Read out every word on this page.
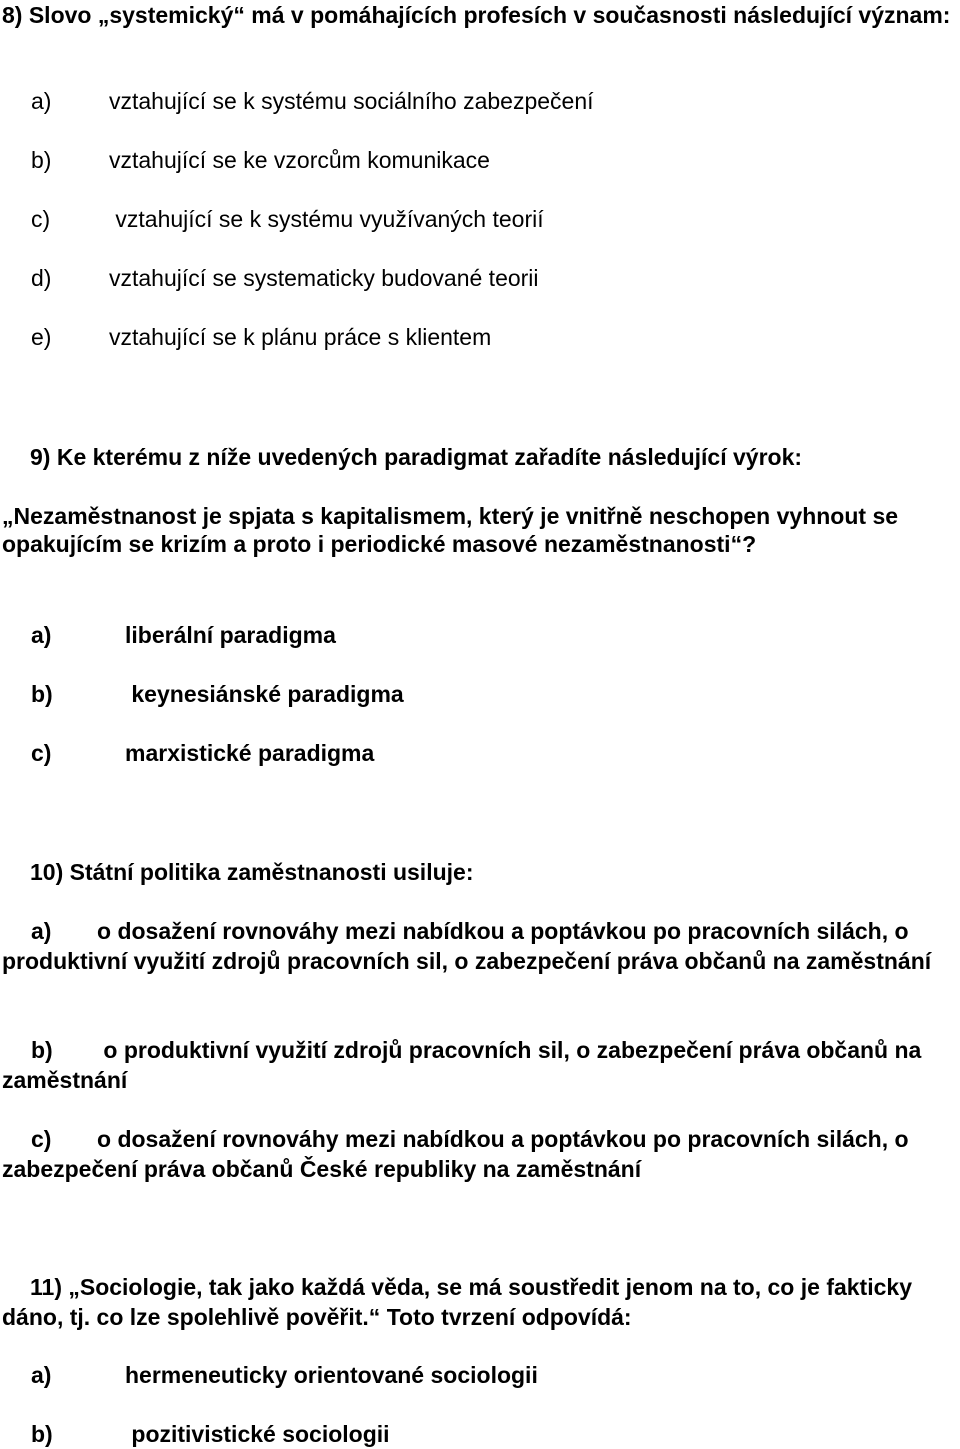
8) Slovo „systemický“ má v pomáhajících profesích v současnosti následující význam:

a)	vztahující se k systému sociálního zabezpečení

b)	vztahující se ke vzorcům komunikace

c)	vztahující se k systému využívaných teorií

d)	vztahující se systematicky budované teorii

e)	vztahující se k plánu práce s klientem

9) Ke kterému z níže uvedených paradigmat zařadíte následující výrok:

„Nezaměstnanost je spjata s kapitalismem, který je vnitřně neschopen vyhnout se opakujícím se krizím a proto i periodické masové nezaměstnanosti“?

a)	liberální paradigma

b)	keynesiánské paradigma

c)	marxistické paradigma

10) Státní politika zaměstnanosti usiluje:

a) o dosažení rovnováhy mezi nabídkou a poptávkou po pracovních silách, o produktivní využití zdrojů pracovních sil, o zabezpečení práva občanů na zaměstnání

b) o produktivní využití zdrojů pracovních sil, o zabezpečení práva občanů na zaměstnání

c) o dosažení rovnováhy mezi nabídkou a poptávkou po pracovních silách, o zabezpečení práva občanů České republiky na zaměstnání

11) „Sociologie, tak jako každá věda, se má soustředit jenom na to, co je fakticky dáno, tj. co lze spolehlivě pověřit.“ Toto tvrzení odpovídá:

a)	hermeneuticky orientované sociologii

b)	pozitivistické sociologii
